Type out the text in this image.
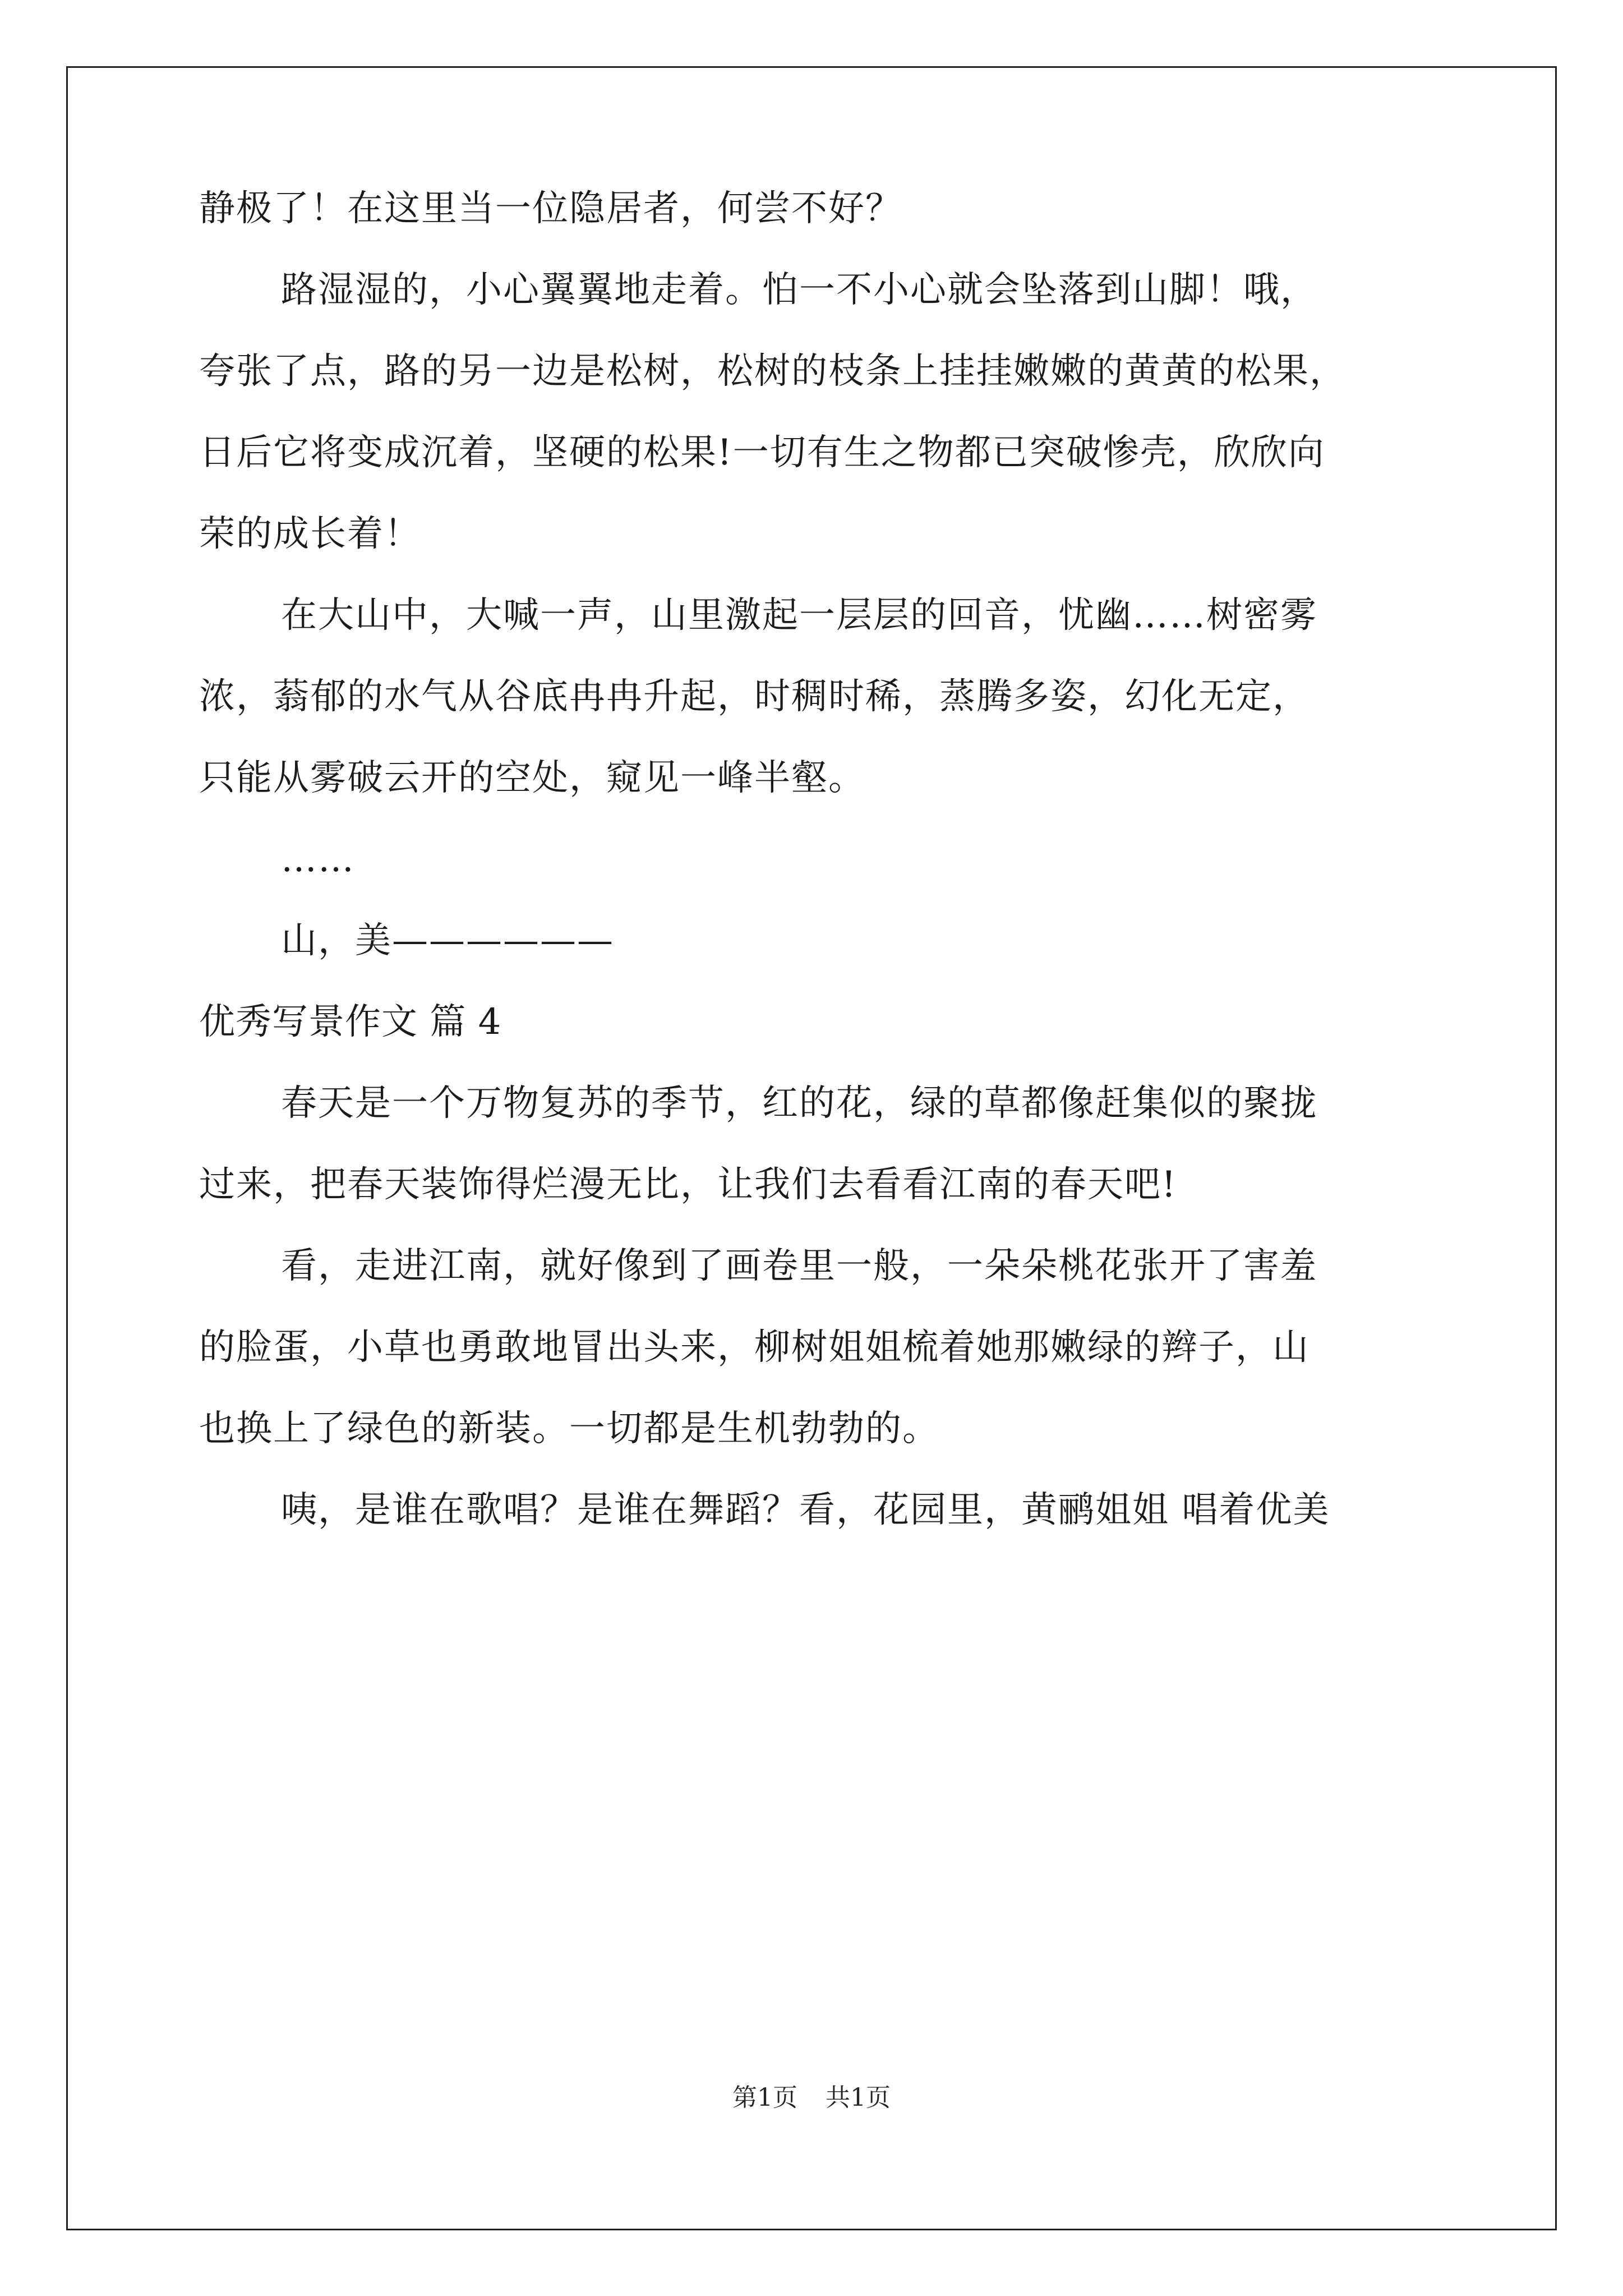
静极了！在这里当一位隐居者，何尝不好？
路湿湿的，小心翼翼地走着。怕一不小心就会坠落到山脚！哦，
夸张了点，路的另一边是松树，松树的枝条上挂挂嫩嫩的黄黄的松果，
日后它将变成沉着，坚硬的松果!一切有生之物都已突破惨壳，欣欣向
荣的成长着！
在大山中，大喊一声，山里激起一层层的回音，忧幽……树密雾
浓，蓊郁的水气从谷底冉冉升起，时稠时稀，蒸腾多姿，幻化无定，
只能从雾破云开的空处，窥见一峰半壑。
……
山，美——————
优秀写景作文 篇 4
春天是一个万物复苏的季节，红的花，绿的草都像赶集似的聚拢
过来，把春天装饰得烂漫无比，让我们去看看江南的春天吧!
看，走进江南，就好像到了画卷里一般，一朵朵桃花张开了害羞
的脸蛋，小草也勇敢地冒出头来，柳树姐姐梳着她那嫩绿的辫子，山
也换上了绿色的新装。一切都是生机勃勃的。
咦，是谁在歌唱？是谁在舞蹈？看，花园里，黄鹂姐姐 唱着优美
第1页 共1页
